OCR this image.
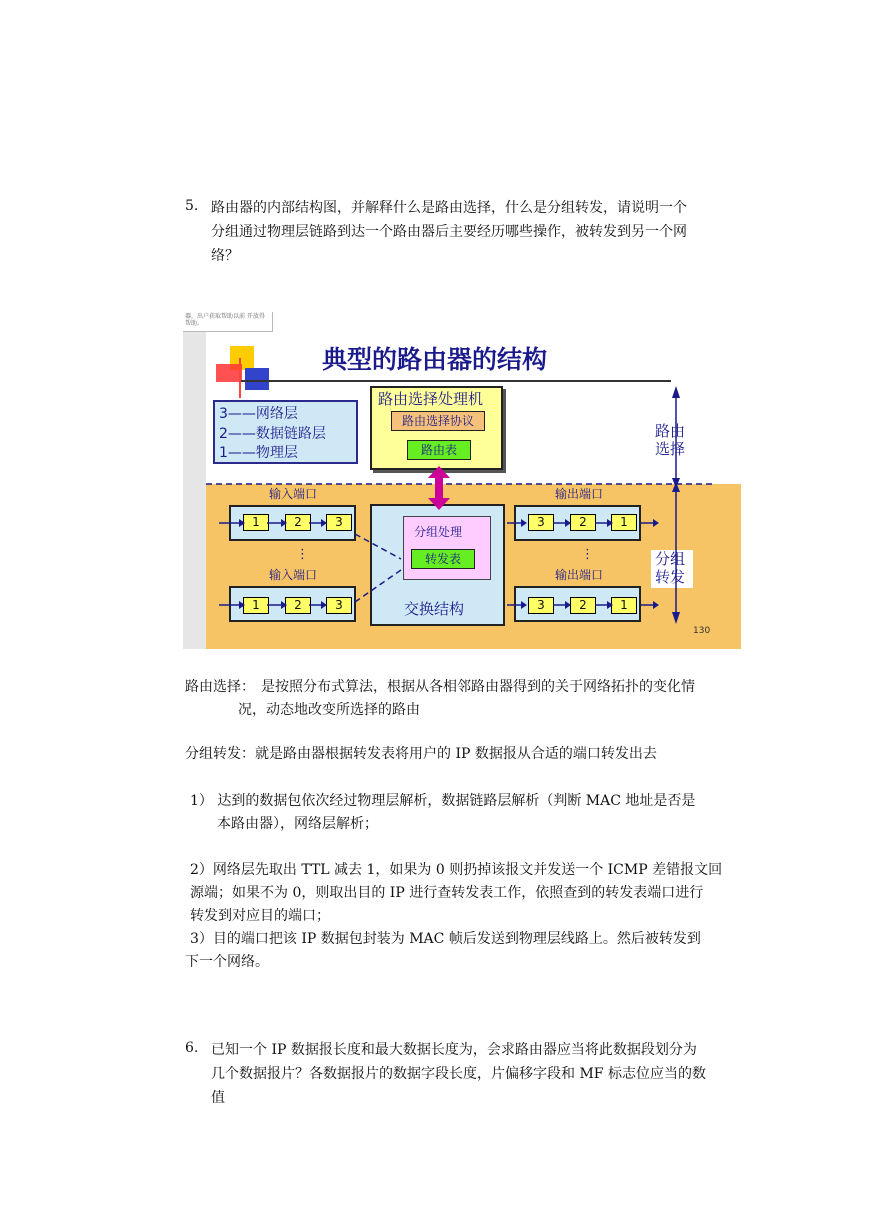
5. 路由器的内部结构图，并解释什么是路由选择，什么是分组转发，请说明一个
分组通过物理层链路到达一个路由器后主要经历哪些操作，被转发到另一个网
络？
器，出户获取帮助以前 开放得帮助。
典型的路由器的结构
3——网络层
2——数据链路层
1——物理层
路由选择处理机
路由选择协议
路由表
路由
选择
分组
转发
分组处理
转发表
交换结构
输入端口
1	2	3
⋮
输入端口
1	2	3
输出端口
3	2	1
⋮
输出端口
3	2	1
130
路由选择： 是按照分布式算法，根据从各相邻路由器得到的关于网络拓扑的变化情
况，动态地改变所选择的路由
分组转发：就是路由器根据转发表将用户的 IP 数据报从合适的端口转发出去
1） 达到的数据包依次经过物理层解析，数据链路层解析（判断 MAC 地址是否是
本路由器），网络层解析；
2）网络层先取出 TTL 减去 1，如果为 0 则扔掉该报文并发送一个 ICMP 差错报文回
源端；如果不为 0，则取出目的 IP 进行查转发表工作，依照查到的转发表端口进行
转发到对应目的端口；
3）目的端口把该 IP 数据包封装为 MAC 帧后发送到物理层线路上。然后被转发到
下一个网络。
6. 已知一个 IP 数据报长度和最大数据长度为，会求路由器应当将此数据段划分为
几个数据报片？各数据报片的数据字段长度，片偏移字段和 MF 标志位应当的数
值
